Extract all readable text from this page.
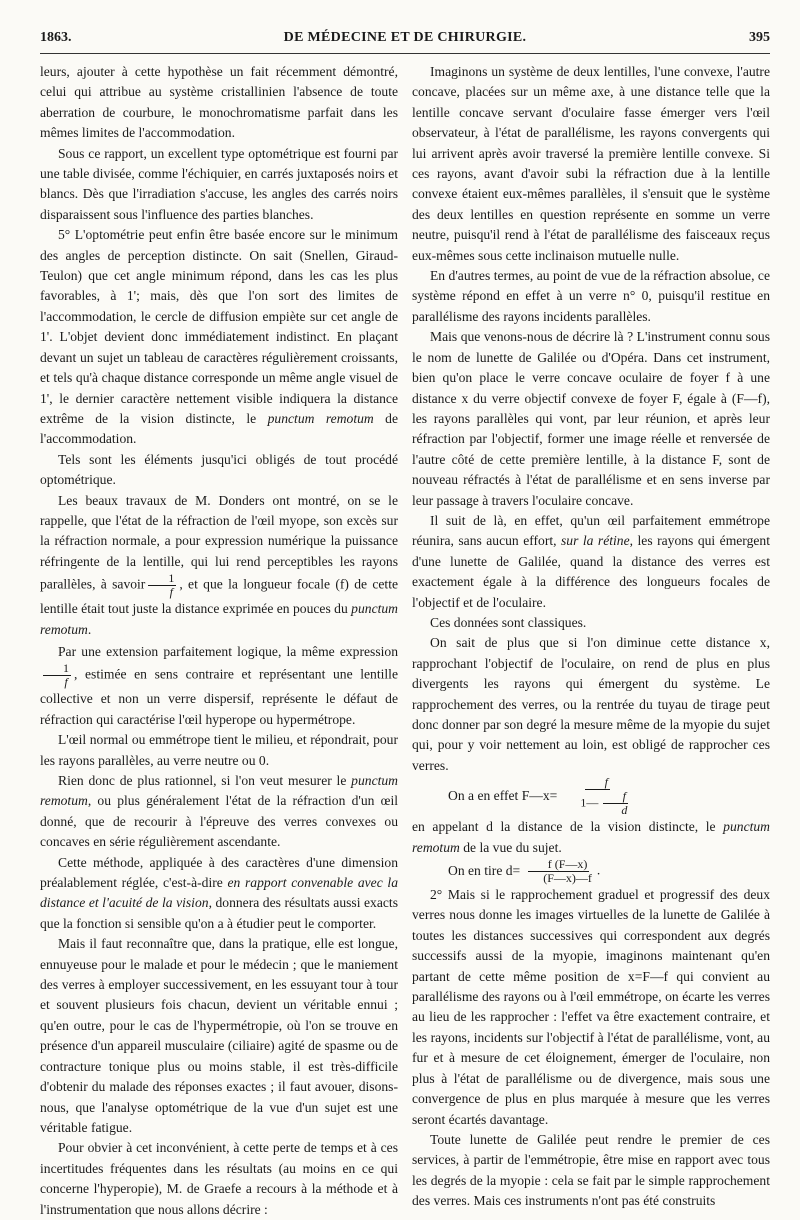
1863.	DE MÉDECINE ET DE CHIRURGIE.	395

leurs, ajouter à cette hypothèse un fait récemment démontré, celui qui attribue au système cristallinien l'absence de toute aberration de courbure, le monochromatisme parfait dans les mêmes limites de l'accommodation.

Sous ce rapport, un excellent type optométrique est fourni par une table divisée, comme l'échiquier, en carrés juxtaposés noirs et blancs. Dès que l'irradiation s'accuse, les angles des carrés noirs disparaissent sous l'influence des parties blanches.

5° L'optométrie peut enfin être basée encore sur le minimum des angles de perception distincte. On sait (Snellen, Giraud-Teulon) que cet angle minimum répond, dans les cas les plus favorables, à 1'; mais, dès que l'on sort des limites de l'accommodation, le cercle de diffusion empiète sur cet angle de 1'. L'objet devient donc immédiatement indistinct. En plaçant devant un sujet un tableau de caractères régulièrement croissants, et tels qu'à chaque distance corresponde un même angle visuel de 1', le dernier caractère nettement visible indiquera la distance extrême de la vision distincte, le punctum remotum de l'accommodation.

Tels sont les éléments jusqu'ici obligés de tout procédé optométrique.

Les beaux travaux de M. Donders ont montré, on se le rappelle, que l'état de la réfraction de l'œil myope, son excès sur la réfraction normale, a pour expression numérique la puissance réfringente de la lentille, qui lui rend perceptibles les rayons parallèles, à savoir $\frac{1}{f}$ , et que la longueur focale (f) de cette lentille était tout juste la distance exprimée en pouces du punctum remotum.

Par une extension parfaitement logique, la même expression
$\frac{1}{f}$ , estimée en sens contraire et représentant une lentille collective et non un verre dispersif, représente le défaut de réfraction qui caractérise l'œil hyperope ou hypermétrope.

L'œil normal ou emmétrope tient le milieu, et répondrait, pour les rayons parallèles, au verre neutre ou 0.

Rien donc de plus rationnel, si l'on veut mesurer le punctum remotum, ou plus généralement l'état de la réfraction d'un œil donné, que de recourir à l'épreuve des verres convexes ou concaves en série régulièrement ascendante.

Cette méthode, appliquée à des caractères d'une dimension préalablement réglée, c'est-à-dire en rapport convenable avec la distance et l'acuité de la vision, donnera des résultats aussi exacts que la fonction si sensible qu'on a à étudier peut le comporter.

Mais il faut reconnaître que, dans la pratique, elle est longue, ennuyeuse pour le malade et pour le médecin ; que le maniement des verres à employer successivement, en les essuyant tour à tour et souvent plusieurs fois chacun, devient un véritable ennui ; qu'en outre, pour le cas de l'hypermétropie, où l'on se trouve en présence d'un appareil musculaire (ciliaire) agité de spasme ou de contracture tonique plus ou moins stable, il est très-difficile d'obtenir du malade des réponses exactes ; il faut avouer, disons-nous, que l'analyse optométrique de la vue d'un sujet est une véritable fatigue.

Pour obvier à cet inconvénient, à cette perte de temps et à ces incertitudes fréquentes dans les résultats (au moins en ce qui concerne l'hyperopie), M. de Graefe a recours à la méthode et à l'instrumentation que nous allons décrire :

Imaginons un système de deux lentilles, l'une convexe, l'autre concave, placées sur un même axe, à une distance telle que la lentille concave servant d'oculaire fasse émerger vers l'œil observateur, à l'état de parallélisme, les rayons convergents qui lui arrivent après avoir traversé la première lentille convexe. Si ces rayons, avant d'avoir subi la réfraction due à la lentille convexe étaient eux-mêmes parallèles, il s'ensuit que le système des deux lentilles en question représente en somme un verre neutre, puisqu'il rend à l'état de parallélisme des faisceaux reçus eux-mêmes sous cette inclinaison mutuelle nulle.

En d'autres termes, au point de vue de la réfraction absolue, ce système répond en effet à un verre n° 0, puisqu'il restitue en parallélisme des rayons incidents parallèles.

Mais que venons-nous de décrire là ? L'instrument connu sous le nom de lunette de Galilée ou d'Opéra. Dans cet instrument, bien qu'on place le verre concave oculaire de foyer f à une distance x du verre objectif convexe de foyer F, égale à (F—f), les rayons parallèles qui vont, par leur réunion, et après leur réfraction par l'objectif, former une image réelle et renversée de l'autre côté de cette première lentille, à la distance F, sont de nouveau réfractés à l'état de parallélisme et en sens inverse par leur passage à travers l'oculaire concave.

Il suit de là, en effet, qu'un œil parfaitement emmétrope réunira, sans aucun effort, sur la rétine, les rayons qui émergent d'une lunette de Galilée, quand la distance des verres est exactement égale à la différence des longueurs focales de l'objectif et de l'oculaire.

Ces données sont classiques.

On sait de plus que si l'on diminue cette distance x, rapprochant l'objectif de l'oculaire, on rend de plus en plus divergents les rayons qui émergent du système. Le rapprochement des verres, ou la rentrée du tuyau de tirage peut donc donner par son degré la mesure même de la myopie du sujet qui, pour y voir nettement au loin, est obligé de rapprocher ces verres.

On a en effet F—x= $\frac{f}{1— \frac{f}{d}}$

en appelant d la distance de la vision distincte, le punctum remotum de la vue du sujet.

On en tire $d= \frac{f (F—x)}{(F—x)—f}$ .

2° Mais si le rapprochement graduel et progressif des deux verres nous donne les images virtuelles de la lunette de Galilée à toutes les distances successives qui correspondent aux degrés successifs aussi de la myopie, imaginons maintenant qu'en partant de cette même position de x=F—f qui convient au parallélisme des rayons ou à l'œil emmétrope, on écarte les verres au lieu de les rapprocher : l'effet va être exactement contraire, et les rayons, incidents sur l'objectif à l'état de parallélisme, vont, au fur et à mesure de cet éloignement, émerger de l'oculaire, non plus à l'état de parallélisme ou de divergence, mais sous une convergence de plus en plus marquée à mesure que les verres seront écartés davantage.

Toute lunette de Galilée peut rendre le premier de ces services, à partir de l'emmétropie, être mise en rapport avec tous les degrés de la myopie : cela se fait par le simple rapprochement des verres. Mais ces instruments n'ont pas été construits
